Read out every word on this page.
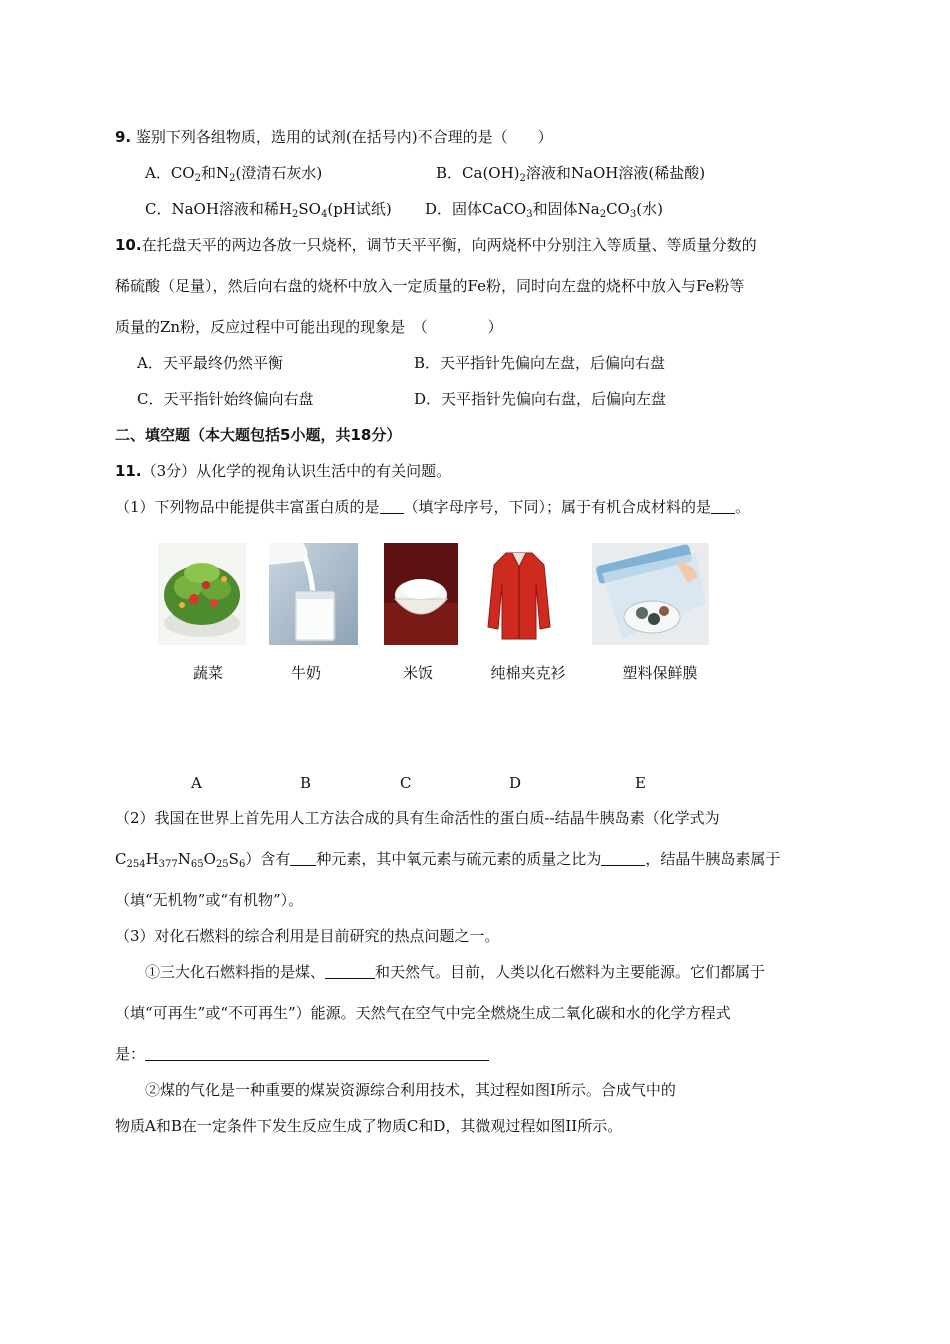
9. 鉴别下列各组物质，选用的试剂(在括号内)不合理的是（　　）
A．$CO_2$和$N_2$(澄清石灰水)	B．$Ca(OH)_2$溶液和NaOH溶液(稀盐酸)
C．NaOH溶液和稀$H_2SO_4(pH$试纸) D．固体CaCO$_3$和固体$Na_2CO_3$(水)
10.在托盘天平的两边各放一只烧杯，调节天平平衡，向两烧杯中分别注入等质量、等质量分数的
稀硫酸（足量），然后向右盘的烧杯中放入一定质量的Fe粉，同时向左盘的烧杯中放入与Fe粉等
质量的Zn粉，反应过程中可能出现的现象是　（　　　　）
A．天平最终仍然平衡	B．天平指针先偏向左盘，后偏向右盘
C．天平指针始终偏向右盘	D．天平指针先偏向右盘，后偏向左盘
二、填空题（本大题包括5小题，共18分）
11.（3分）从化学的视角认识生活中的有关问题。
（1）下列物品中能提供丰富蛋白质的是 （填字母序号，下同）；属于有机合成材料的是 。
蔬菜	牛奶	米饭	纯棉夹克衫	塑料保鲜膜
A	B	C	D	E
（2）我国在世界上首先用人工方法合成的具有生命活性的蛋白质--结晶牛胰岛素（化学式为
$C_{254}H_{377}N_{65}O_{25}S_6$）含有 种元素，其中氧元素与硫元素的质量之比为	，结晶牛胰岛素属于
（填“无机物”或“有机物”）。
（3）对化石燃料的综合利用是目前研究的热点问题之一。
①三大化石燃料指的是煤、	和天然气。目前，人类以化石燃料为主要能源。它们都属于
（填“可再生”或“不可再生”）能源。天然气在空气中完全燃烧生成二氧化碳和水的化学方程式
是：
②煤的气化是一种重要的煤炭资源综合利用技术，其过程如图Ⅰ所示。合成气中的
物质A和B在一定条件下发生反应生成了物质C和D，其微观过程如图II所示。
